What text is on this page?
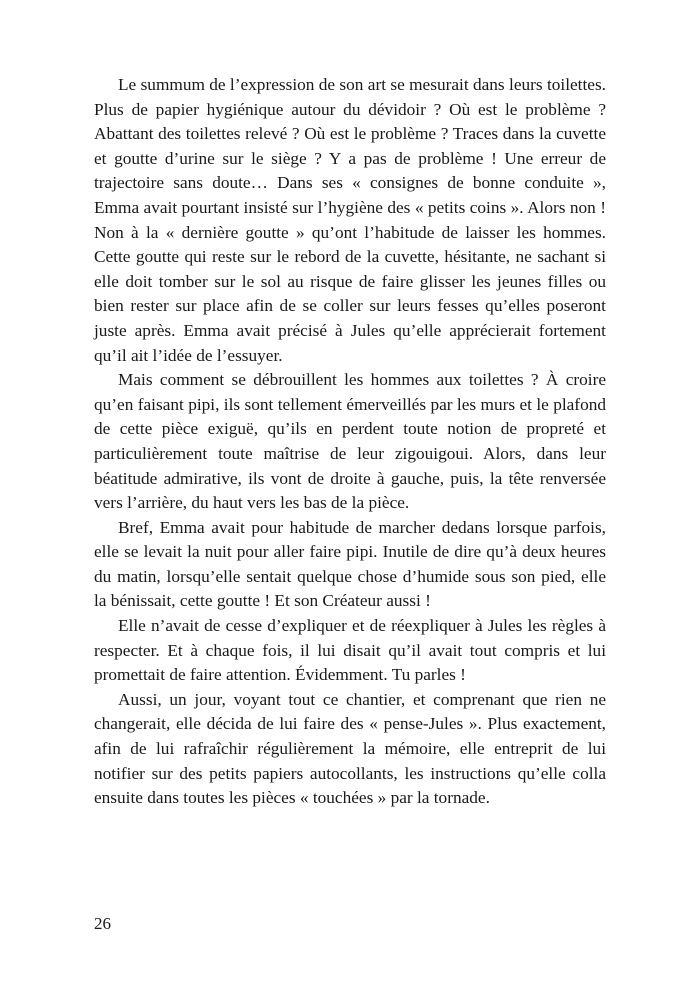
Le summum de l’expression de son art se mesurait dans leurs toilettes. Plus de papier hygiénique autour du dévidoir ? Où est le problème ? Abattant des toilettes relevé ? Où est le problème ? Traces dans la cuvette et goutte d’urine sur le siège ? Y a pas de problème ! Une erreur de trajectoire sans doute… Dans ses « consignes de bonne conduite », Emma avait pourtant insisté sur l’hygiène des « petits coins ». Alors non ! Non à la « dernière goutte » qu’ont l’habitude de laisser les hommes. Cette goutte qui reste sur le rebord de la cuvette, hésitante, ne sachant si elle doit tomber sur le sol au risque de faire glisser les jeunes filles ou bien rester sur place afin de se coller sur leurs fesses qu’elles poseront juste après. Emma avait précisé à Jules qu’elle apprécierait fortement qu’il ait l’idée de l’essuyer.

Mais comment se débrouillent les hommes aux toilettes ? À croire qu’en faisant pipi, ils sont tellement émerveillés par les murs et le plafond de cette pièce exiguë, qu’ils en perdent toute notion de propreté et particulièrement toute maîtrise de leur zigouigoui. Alors, dans leur béatitude admirative, ils vont de droite à gauche, puis, la tête renversée vers l’arrière, du haut vers les bas de la pièce.

Bref, Emma avait pour habitude de marcher dedans lorsque parfois, elle se levait la nuit pour aller faire pipi. Inutile de dire qu’à deux heures du matin, lorsqu’elle sentait quelque chose d’humide sous son pied, elle la bénissait, cette goutte ! Et son Créateur aussi !

Elle n’avait de cesse d’expliquer et de réexpliquer à Jules les règles à respecter. Et à chaque fois, il lui disait qu’il avait tout compris et lui promettait de faire attention. Évidemment. Tu parles !

Aussi, un jour, voyant tout ce chantier, et comprenant que rien ne changerait, elle décida de lui faire des « pense-Jules ». Plus exactement, afin de lui rafraîchir régulièrement la mémoire, elle entreprit de lui notifier sur des petits papiers autocollants, les instructions qu’elle colla ensuite dans toutes les pièces « touchées » par la tornade.

26
